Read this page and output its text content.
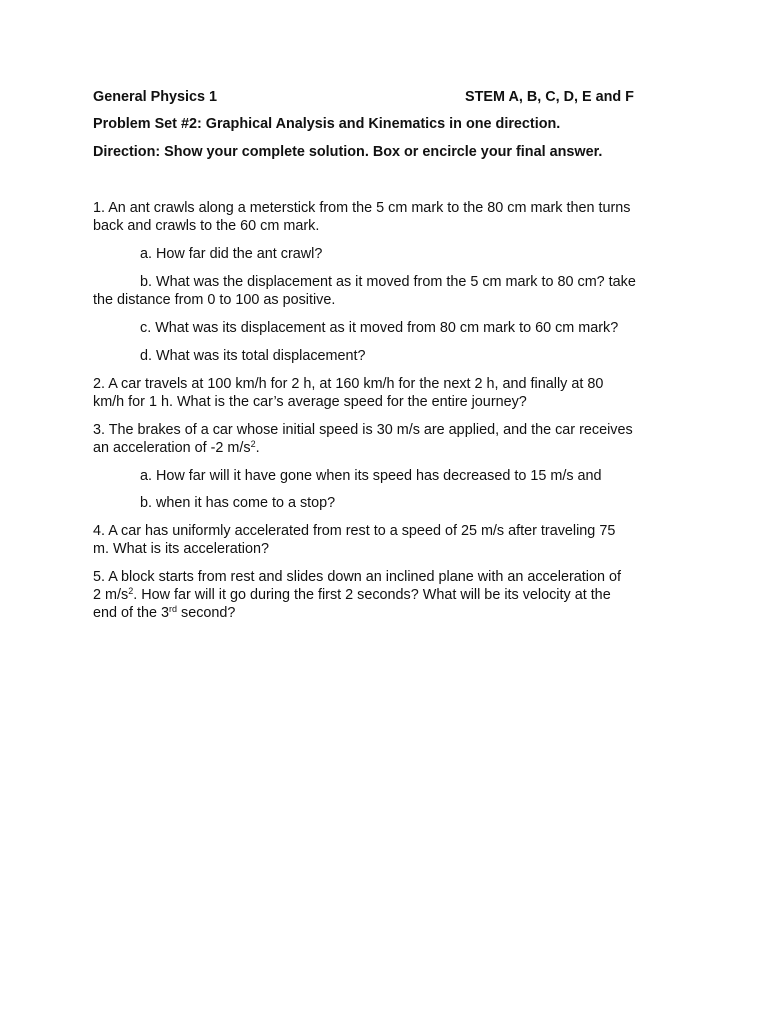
General Physics 1	STEM A, B, C, D, E and F
Problem Set #2: Graphical Analysis and Kinematics in one direction.
Direction: Show your complete solution. Box or encircle your final answer.
1. An ant crawls along a meterstick from the 5 cm mark to the 80 cm mark then turns
back and crawls to the 60 cm mark.
a. How far did the ant crawl?
b. What was the displacement as it moved from the 5 cm mark to 80 cm? take
the distance from 0 to 100 as positive.
c. What was its displacement as it moved from 80 cm mark to 60 cm mark?
d. What was its total displacement?
2. A car travels at 100 km/h for 2 h, at 160 km/h for the next 2 h, and finally at 80
km/h for 1 h. What is the car’s average speed for the entire journey?
3. The brakes of a car whose initial speed is 30 m/s are applied, and the car receives
an acceleration of -2 $m/s^2$.
a. How far will it have gone when its speed has decreased to 15 m/s and
b. when it has come to a stop?
4. A car has uniformly accelerated from rest to a speed of 25 m/s after traveling 75
m. What is its acceleration?
5. A block starts from rest and slides down an inclined plane with an acceleration of
2 $m/s^2$. How far will it go during the first 2 seconds? What will be its velocity at the
end of the 3rd second?
